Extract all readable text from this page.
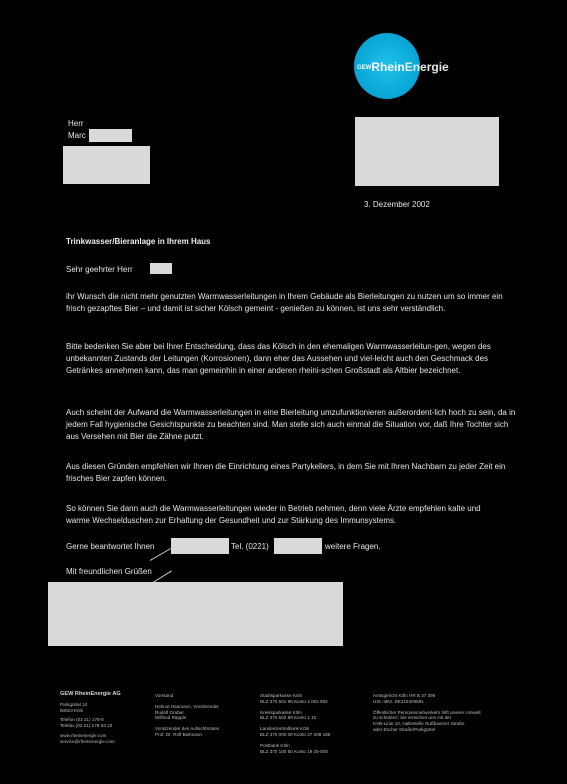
GEWRheinEnergie
Herr
Marc
3. Dezember 2002
Trinkwasser/Bieranlage in Ihrem Haus
Sehr geehrter Herr
ihr Wunsch die nicht mehr genutzten Warmwasserleitungen in Ihrem Gebäude als Bierleitungen zu nutzen um so immer ein frisch gezapftes Bier – und damit ist sicher Kölsch gemeint - genießen zu können, ist uns sehr verständlich.
Bitte bedenken Sie aber bei Ihrer Entscheidung, dass das Kölsch in den ehemaligen Warmwasserleitun-gen, wegen des unbekannten Zustands der Leitungen (Korrosionen), dann eher das Aussehen und viel-leicht auch den Geschmack des Getränkes annehmen kann, das man gemeinhin in einer anderen rheini-schen Großstadt als Altbier bezeichnet.
Auch scheint der Aufwand die Warmwasserleitungen in eine Bierleitung umzufunktionieren außerordent-lich hoch zu sein, da in jedem Fall hygienische Gesichtspunkte zu beachten sind. Man stelle sich auch einmal die Situation vor, daß Ihre Tochter sich aus Versehen mit Bier die Zähne putzt.
Aus diesen Gründen empfehlen wir Ihnen die Einrichtung eines Partykellers, in dem Sie mit Ihren Nachbarn zu jeder Zeit ein frisches Bier zapfen können.
So können Sie dann auch die Warmwasserleitungen wieder in Betrieb nehmen, denn viele Ärzte empfehlen kalte und warme Wechselduschen zur Erhaltung der Gesundheit und zur Stärkung des Immunsystems.
Gerne beantwortet Ihnen	Tel. (0221)	weitere Fragen.
Mit freundlichen Grüßen
GEW RheinEnergie AG
Parkgürtel 24
50823 Köln
Telefon (02 21) 178-0
Telefax (02 21) 178-33 22
www.rheinenergie.com
service@rheinenergie.com
Vorstand
Helmut Haumann, Vorsitzender
Rudolf Gruber
Wilfried Räpple
Vorsitzender des Aufsichtsrates
Prof. Dr. Rolf Bietmann
Stadtsparkasse Köln
BLZ 370 501 98 Konto 4 002 952
Kreissparkasse Köln
BLZ 370 502 99 Konto 1 10
Landeszentralbank Köln
BLZ 370 000 00 Konto 37 008 186
Postbank Köln
BLZ 370 100 50 Konto 19 25-500
Amtsgericht Köln HR B 37 396
USt.-IdNr. DE215409591
Öffentlicher Personennahverkehr hilft unsere Umwelt
zu schützen: Sie erreichen uns mit der
KVB-Linie 13, Haltestelle Nußbaumer Straße
oder Escher Straße/Parkgürtel
